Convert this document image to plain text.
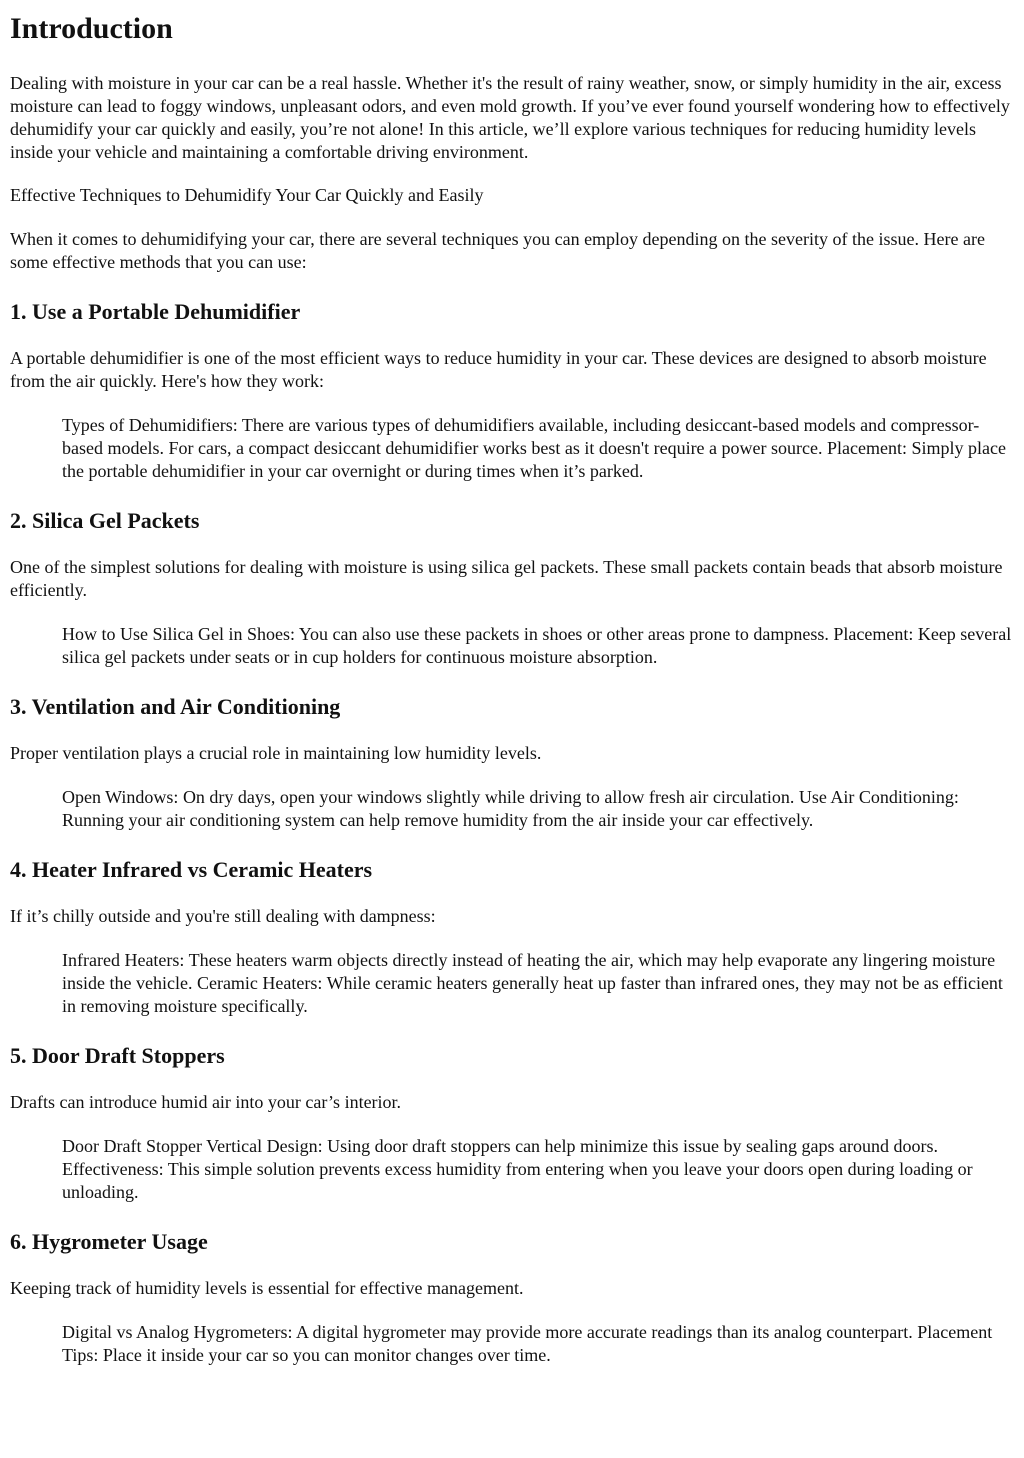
Introduction

Dealing with moisture in your car can be a real hassle. Whether it's the result of rainy weather, snow, or simply humidity in the air, excess moisture can lead to foggy windows, unpleasant odors, and even mold growth. If you’ve ever found yourself wondering how to effectively dehumidify your car quickly and easily, you’re not alone! In this article, we’ll explore various techniques for reducing humidity levels inside your vehicle and maintaining a comfortable driving environment.

Effective Techniques to Dehumidify Your Car Quickly and Easily

When it comes to dehumidifying your car, there are several techniques you can employ depending on the severity of the issue. Here are some effective methods that you can use:

1. Use a Portable Dehumidifier

A portable dehumidifier is one of the most efficient ways to reduce humidity in your car. These devices are designed to absorb moisture from the air quickly. Here's how they work:

Types of Dehumidifiers: There are various types of dehumidifiers available, including desiccant-based models and compressor-based models. For cars, a compact desiccant dehumidifier works best as it doesn't require a power source. Placement: Simply place the portable dehumidifier in your car overnight or during times when it’s parked.

2. Silica Gel Packets

One of the simplest solutions for dealing with moisture is using silica gel packets. These small packets contain beads that absorb moisture efficiently.

How to Use Silica Gel in Shoes: You can also use these packets in shoes or other areas prone to dampness. Placement: Keep several silica gel packets under seats or in cup holders for continuous moisture absorption.

3. Ventilation and Air Conditioning

Proper ventilation plays a crucial role in maintaining low humidity levels.

Open Windows: On dry days, open your windows slightly while driving to allow fresh air circulation. Use Air Conditioning: Running your air conditioning system can help remove humidity from the air inside your car effectively.

4. Heater Infrared vs Ceramic Heaters

If it’s chilly outside and you're still dealing with dampness:

Infrared Heaters: These heaters warm objects directly instead of heating the air, which may help evaporate any lingering moisture inside the vehicle. Ceramic Heaters: While ceramic heaters generally heat up faster than infrared ones, they may not be as efficient in removing moisture specifically.

5. Door Draft Stoppers

Drafts can introduce humid air into your car’s interior.

Door Draft Stopper Vertical Design: Using door draft stoppers can help minimize this issue by sealing gaps around doors. Effectiveness: This simple solution prevents excess humidity from entering when you leave your doors open during loading or unloading.

6. Hygrometer Usage

Keeping track of humidity levels is essential for effective management.

Digital vs Analog Hygrometers: A digital hygrometer may provide more accurate readings than its analog counterpart. Placement Tips: Place it inside your car so you can monitor changes over time.
